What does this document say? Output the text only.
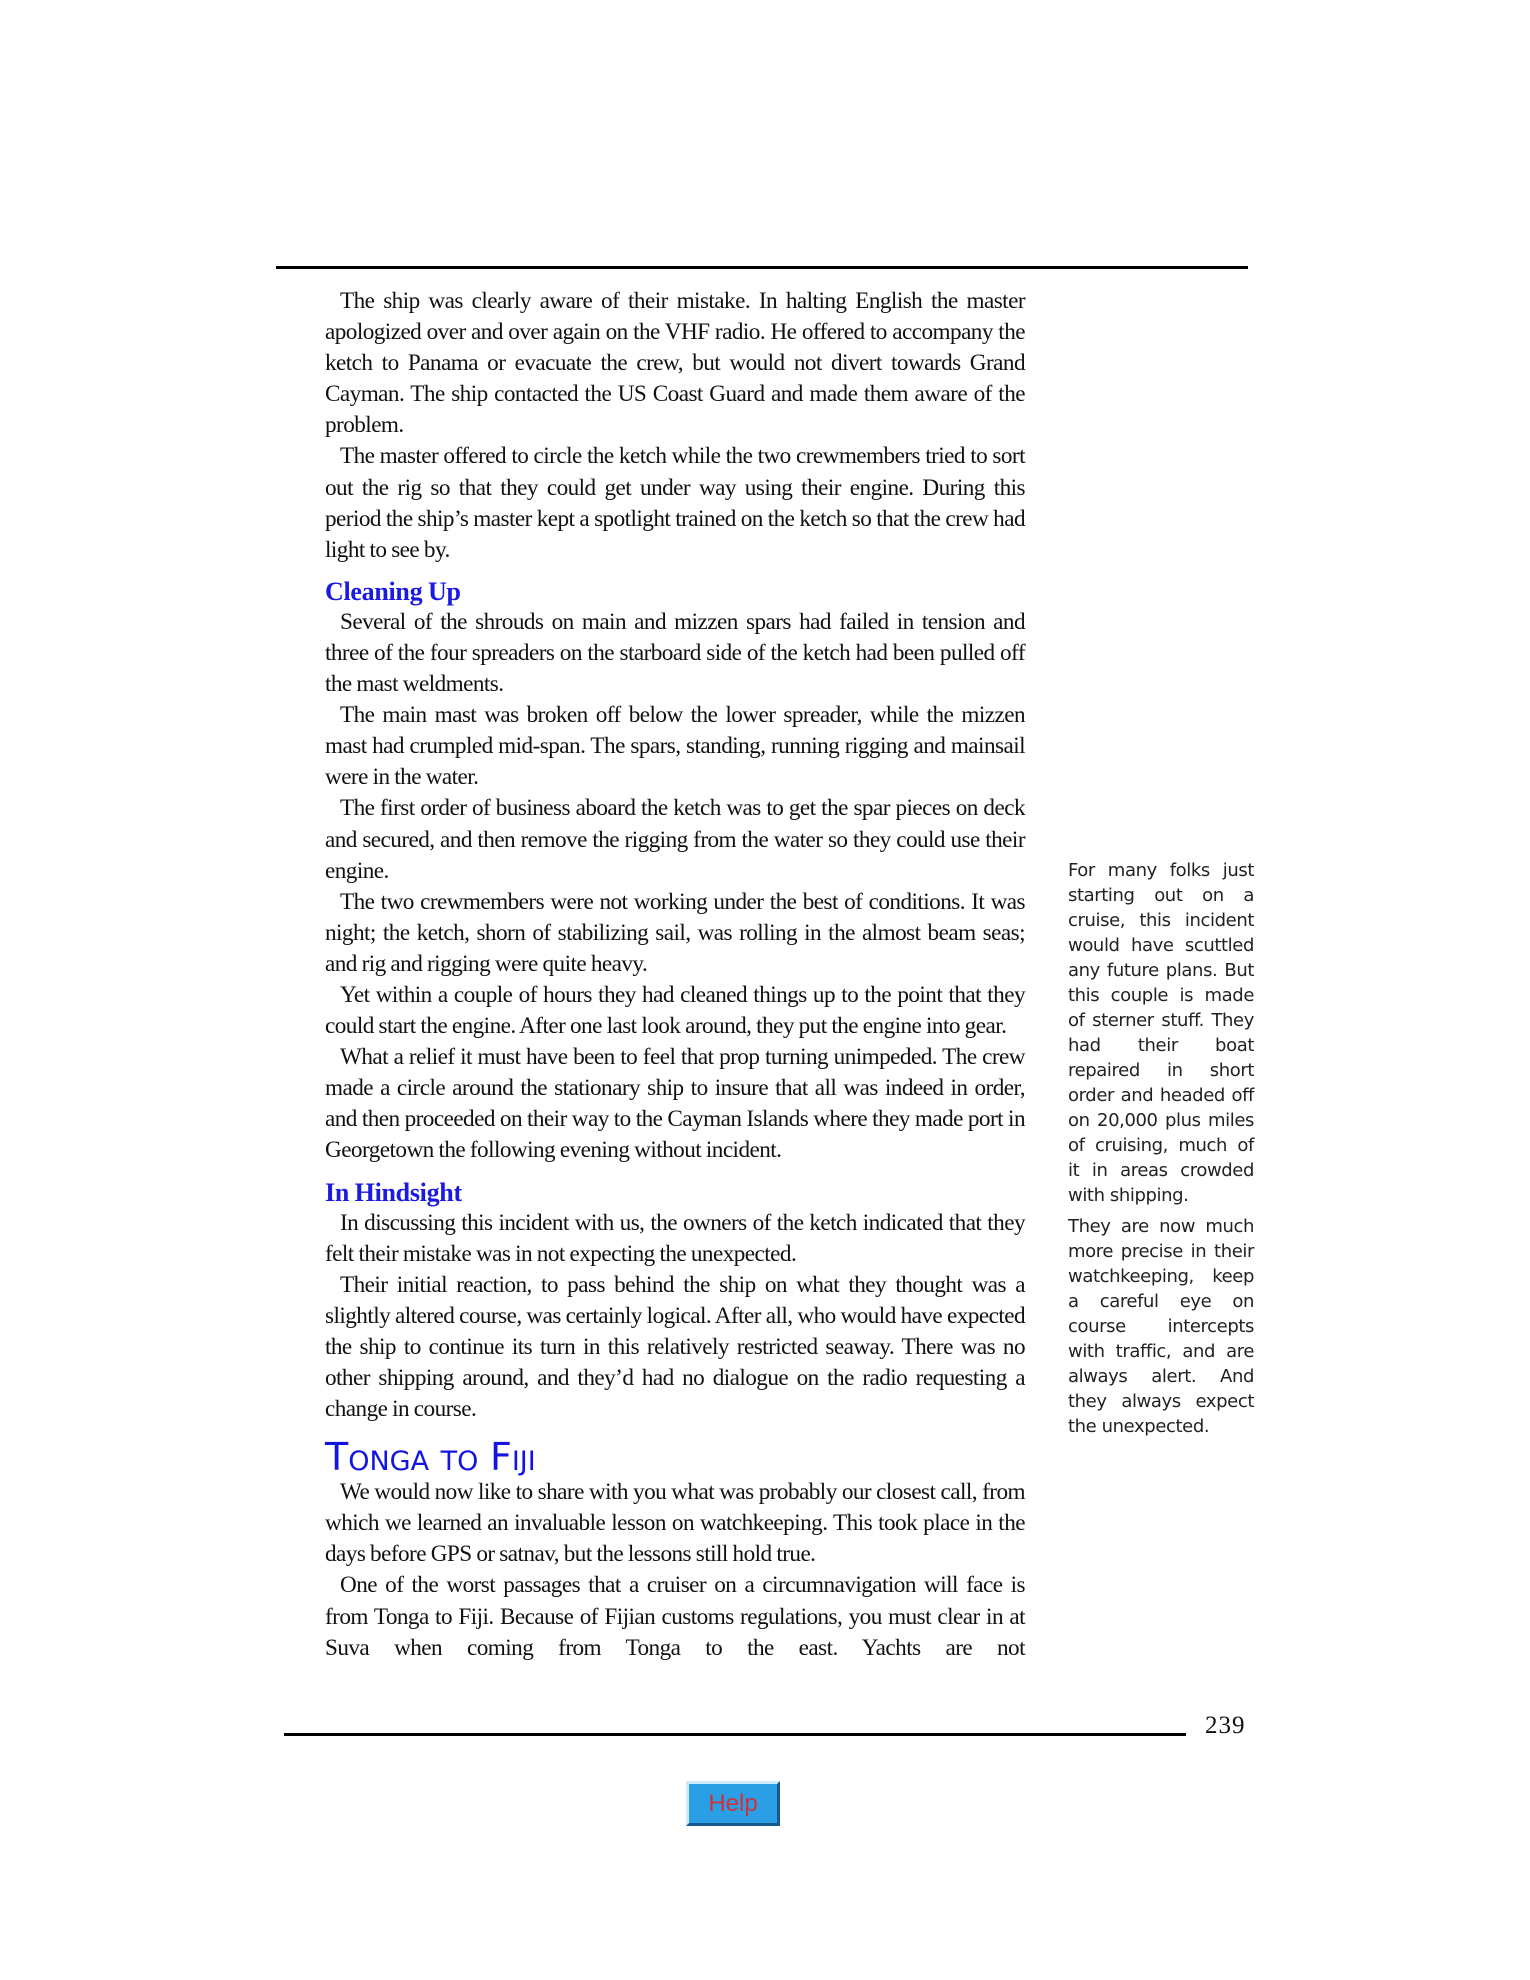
The ship was clearly aware of their mistake. In halting English the master apologized over and over again on the VHF radio. He offered to accompany the ketch to Panama or evacuate the crew, but would not divert towards Grand Cayman. The ship contacted the US Coast Guard and made them aware of the problem.

The master offered to circle the ketch while the two crewmembers tried to sort out the rig so that they could get under way using their engine. During this period the ship’s master kept a spotlight trained on the ketch so that the crew had light to see by.

Cleaning Up

Several of the shrouds on main and mizzen spars had failed in tension and three of the four spreaders on the starboard side of the ketch had been pulled off the mast weldments.

The main mast was broken off below the lower spreader, while the mizzen mast had crumpled mid-span. The spars, standing, running rigging and mainsail were in the water.

The first order of business aboard the ketch was to get the spar pieces on deck and secured, and then remove the rigging from the water so they could use their engine.

The two crewmembers were not working under the best of conditions. It was night; the ketch, shorn of stabilizing sail, was rolling in the almost beam seas; and rig and rigging were quite heavy.

Yet within a couple of hours they had cleaned things up to the point that they could start the engine. After one last look around, they put the engine into gear.

What a relief it must have been to feel that prop turning unimpeded. The crew made a circle around the stationary ship to insure that all was indeed in order, and then proceeded on their way to the Cayman Islands where they made port in Georgetown the following evening without incident.

In Hindsight

In discussing this incident with us, the owners of the ketch indicated that they felt their mistake was in not expecting the unexpected.

Their initial reaction, to pass behind the ship on what they thought was a slightly altered course, was certainly logical. After all, who would have expected the ship to continue its turn in this relatively restricted seaway. There was no other shipping around, and they’d had no dialogue on the radio requesting a change in course.

Tonga to Fiji

We would now like to share with you what was probably our closest call, from which we learned an invaluable lesson on watchkeeping. This took place in the days before GPS or satnav, but the lessons still hold true.

One of the worst passages that a cruiser on a circumnavigation will face is from Tonga to Fiji. Because of Fijian customs regulations, you must clear in at Suva when coming from Tonga to the east. Yachts are not

For many folks just starting out on a cruise, this incident would have scuttled any future plans. But this couple is made of sterner stuff. They had their boat repaired in short order and headed off on 20,000 plus miles of cruising, much of it in areas crowded with shipping.

They are now much more precise in their watchkeeping, keep a careful eye on course intercepts with traffic, and are always alert. And they always expect the unexpected.

239
Help
